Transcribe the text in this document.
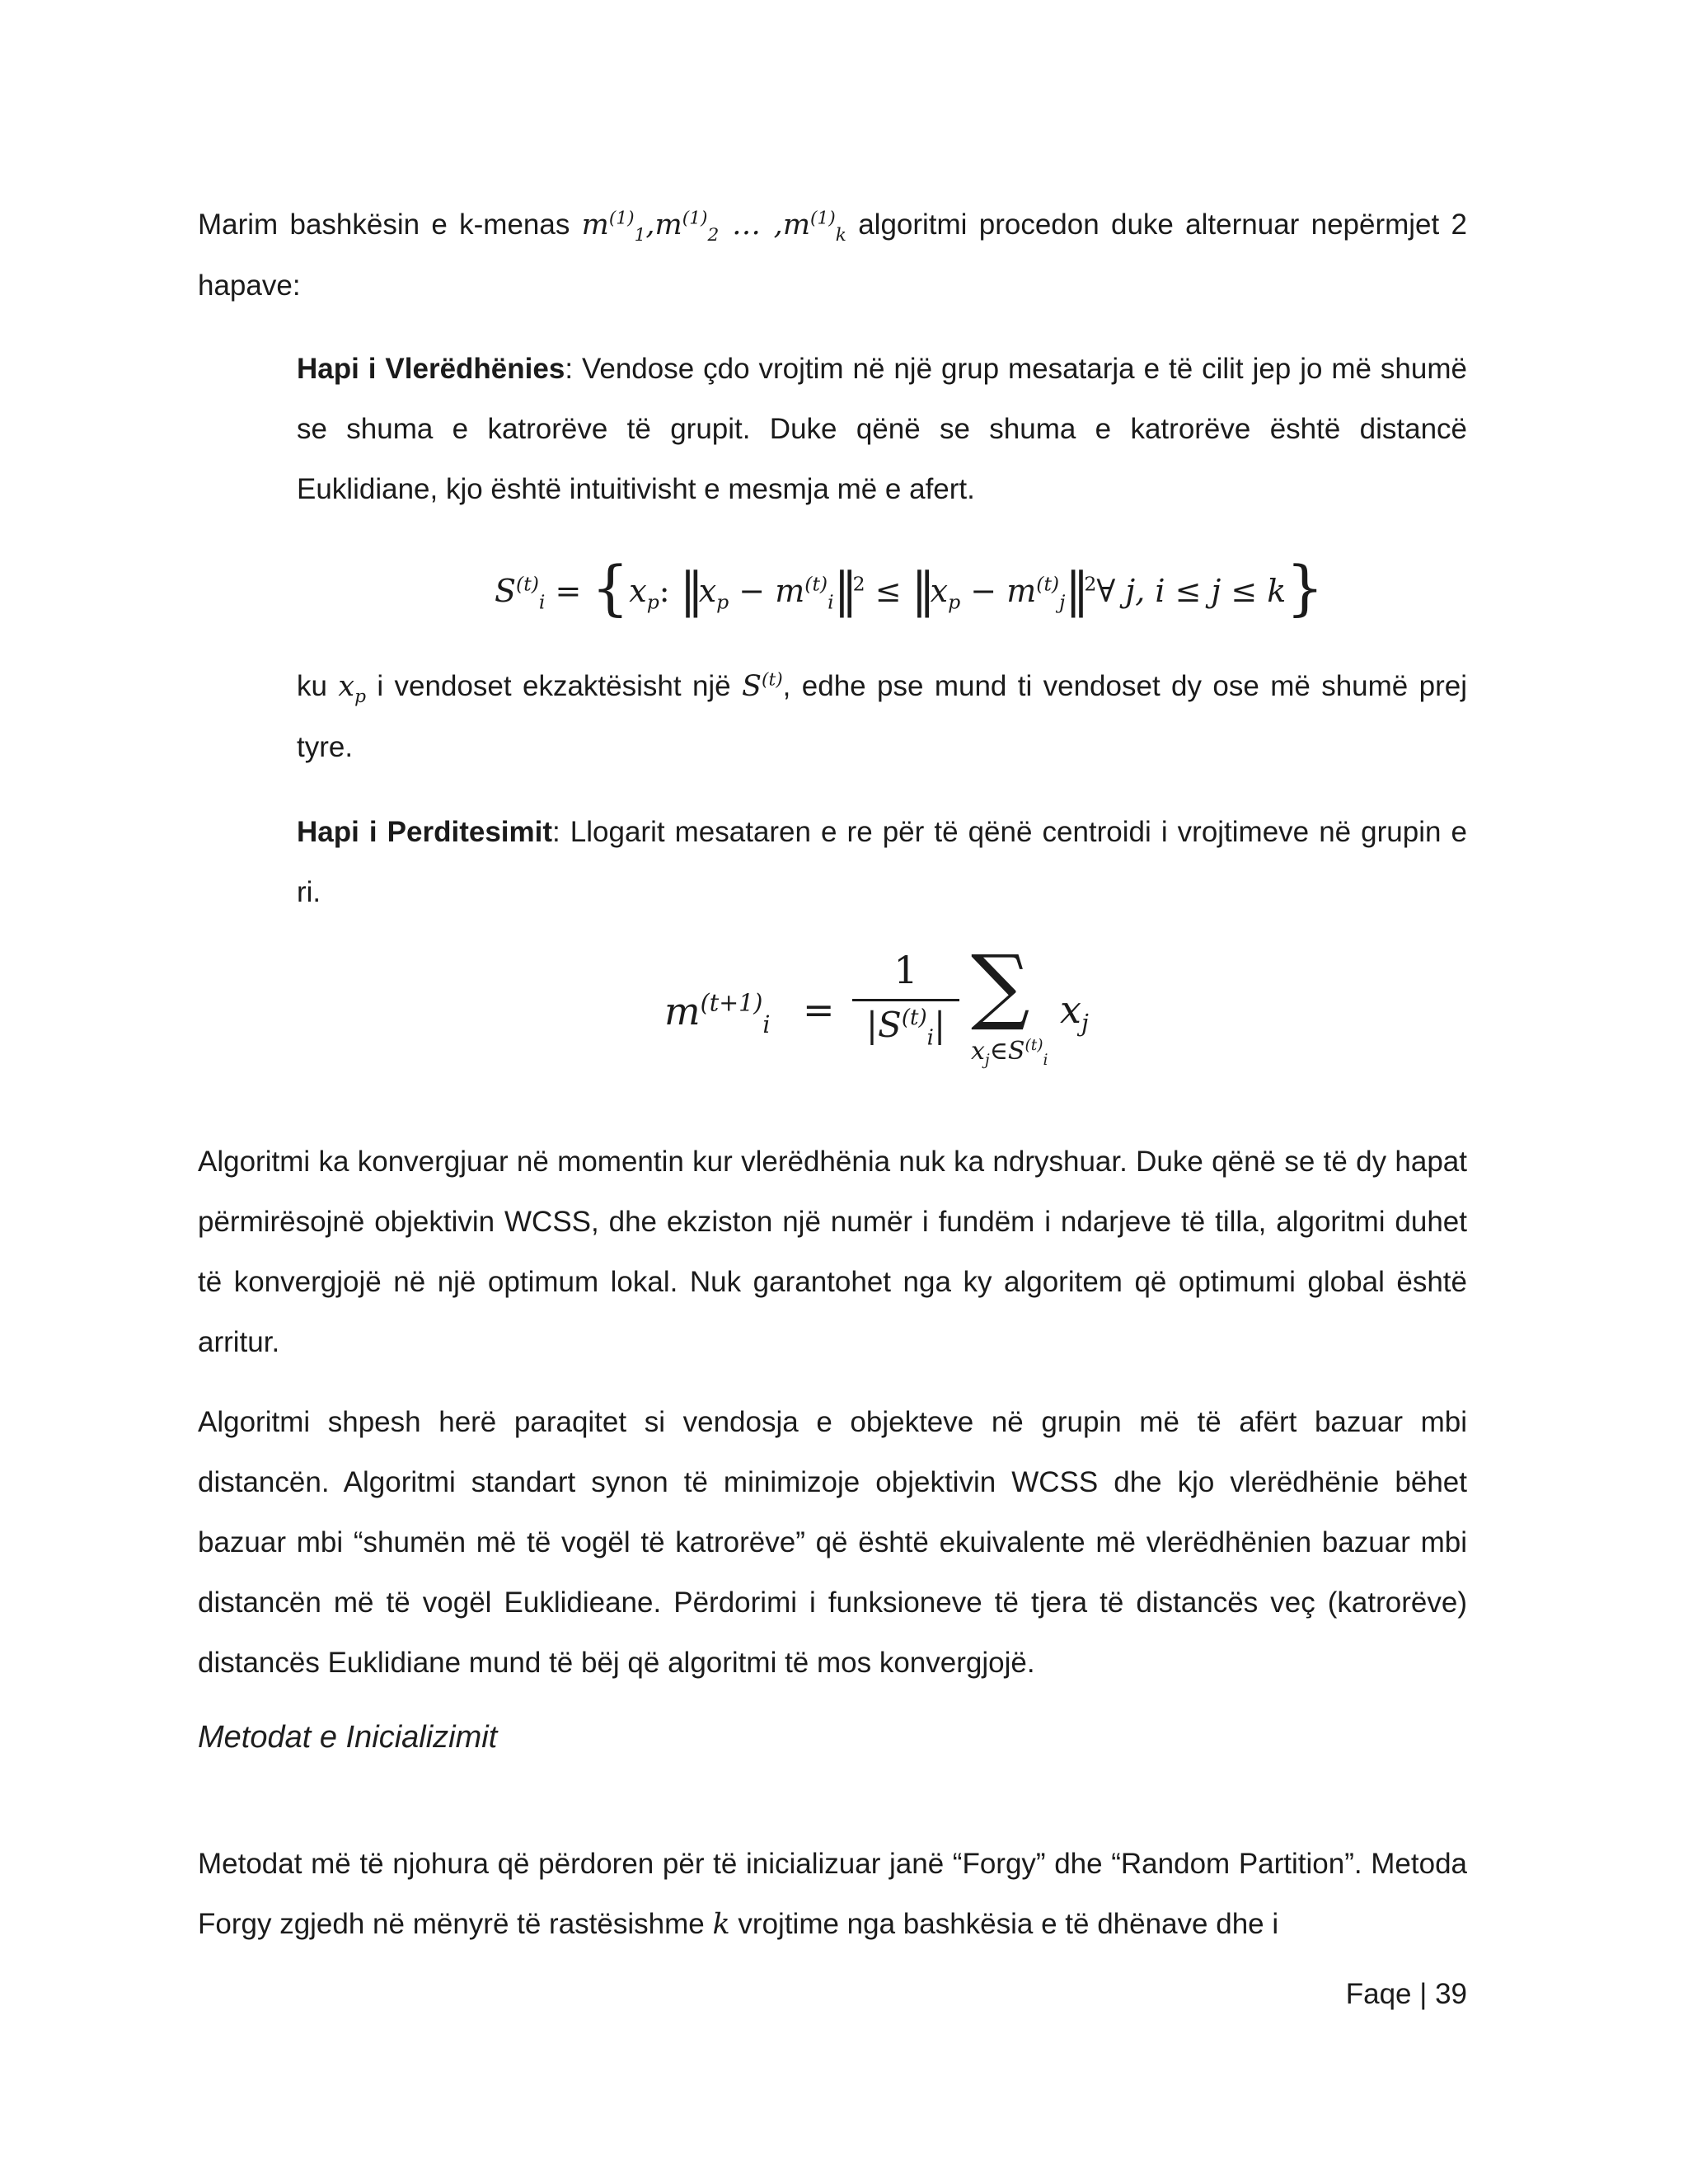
Marim bashkësin e k-menas $m^{(1)}_1,m^{(1)}_2$ … $,m^{(1)}_k$ algoritmi procedon duke alternuar nepërmjet 2 hapave:

Hapi i Vlerëdhënies: Vendose çdo vrojtim në një grup mesatarja e të cilit jep jo më shumë se shuma e katrorëve të grupit. Duke qënë se shuma e katrorëve është distancë Euklidiane, kjo është intuitivisht e mesmja më e afert.

$S^{(t)}_i = \{x_p$: $‖x_p$ − $m^{(t)}_i‖^2$ ≤ $‖x_p$ − $m^{(t)}_j‖^2\forall$ j, i ≤ j ≤ k}

ku $x_p$ i vendoset ekzaktësisht një $S^{(t)}$, edhe pse mund ti vendoset dy ose më shumë prej tyre.

Hapi i Perditesimit: Llogarit mesataren e re për të qënë centroidi i vrojtimeve në grupin e ri.

$m^{(t+1)}_i$ =
1
$|S^{(t)}_i|$ ∑
$x_j\in S^{(t)}_i$
$x_j$

Algoritmi ka konvergjuar në momentin kur vlerëdhënia nuk ka ndryshuar. Duke qënë se të dy hapat përmirësojnë objektivin WCSS, dhe ekziston një numër i fundëm i ndarjeve të tilla, algoritmi duhet të konvergjojë në një optimum lokal. Nuk garantohet nga ky algoritem që optimumi global është arritur.

Algoritmi shpesh herë paraqitet si vendosja e objekteve në grupin më të afërt bazuar mbi distancën. Algoritmi standart synon të minimizoje objektivin WCSS dhe kjo vlerëdhënie bëhet bazuar mbi “shumën më të vogël të katrorëve” që është ekuivalente më vlerëdhënien bazuar mbi distancën më të vogël Euklidieane. Përdorimi i funksioneve të tjera të distancës veç (katrorëve) distancës Euklidiane mund të bëj që algoritmi të mos konvergjojë.

Metodat e Inicializimit

Metodat më të njohura që përdoren për të inicializuar janë “Forgy” dhe “Random Partition”. Metoda Forgy zgjedh në mënyrë të rastësishme k vrojtime nga bashkësia e të dhënave dhe i

Faqe | 39
